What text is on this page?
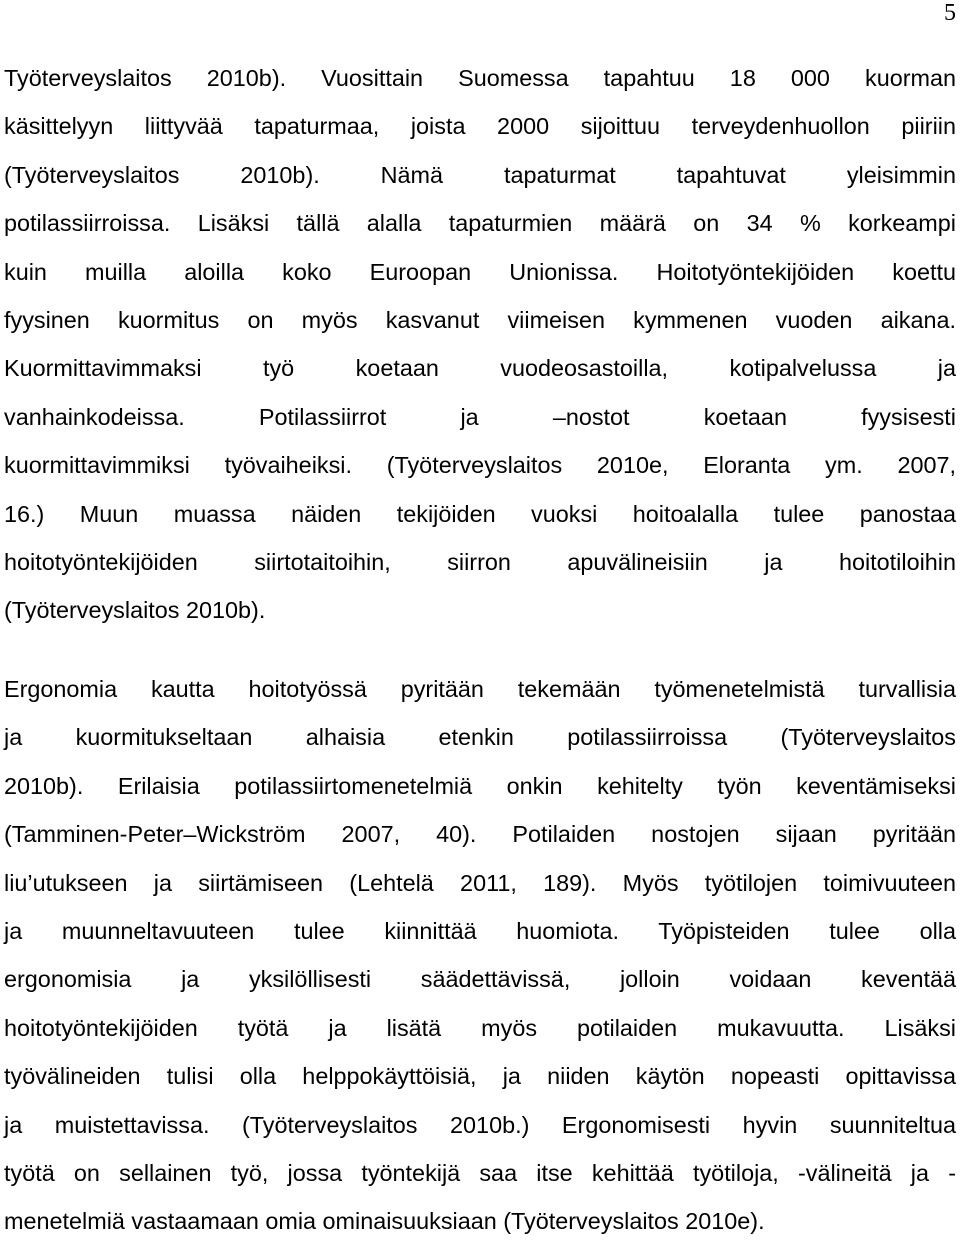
5
Työterveyslaitos 2010b). Vuosittain Suomessa tapahtuu 18 000 kuorman
käsittelyyn liittyvää tapaturmaa, joista 2000 sijoittuu terveydenhuollon piiriin
(Työterveyslaitos 2010b). Nämä tapaturmat tapahtuvat yleisimmin
potilassiirroissa. Lisäksi tällä alalla tapaturmien määrä on 34 % korkeampi
kuin muilla aloilla koko Euroopan Unionissa. Hoitotyöntekijöiden koettu
fyysinen kuormitus on myös kasvanut viimeisen kymmenen vuoden aikana.
Kuormittavimmaksi työ koetaan vuodeosastoilla, kotipalvelussa ja
vanhainkodeissa. Potilassiirrot ja –nostot koetaan fyysisesti
kuormittavimmiksi työvaiheiksi. (Työterveyslaitos 2010e, Eloranta ym. 2007,
16.) Muun muassa näiden tekijöiden vuoksi hoitoalalla tulee panostaa
hoitotyöntekijöiden siirtotaitoihin, siirron apuvälineisiin ja hoitotiloihin
(Työterveyslaitos 2010b).
Ergonomia kautta hoitotyössä pyritään tekemään työmenetelmistä turvallisia
ja kuormitukseltaan alhaisia etenkin potilassiirroissa (Työterveyslaitos
2010b). Erilaisia potilassiirtomenetelmiä onkin kehitelty työn keventämiseksi
(Tamminen-Peter–Wickström 2007, 40). Potilaiden nostojen sijaan pyritään
liu’utukseen ja siirtämiseen (Lehtelä 2011, 189). Myös työtilojen toimivuuteen
ja muunneltavuuteen tulee kiinnittää huomiota. Työpisteiden tulee olla
ergonomisia ja yksilöllisesti säädettävissä, jolloin voidaan keventää
hoitotyöntekijöiden työtä ja lisätä myös potilaiden mukavuutta. Lisäksi
työvälineiden tulisi olla helppokäyttöisiä, ja niiden käytön nopeasti opittavissa
ja muistettavissa. (Työterveyslaitos 2010b.) Ergonomisesti hyvin suunniteltua
työtä on sellainen työ, jossa työntekijä saa itse kehittää työtiloja, -välineitä ja -
menetelmiä vastaamaan omia ominaisuuksiaan (Työterveyslaitos 2010e).
